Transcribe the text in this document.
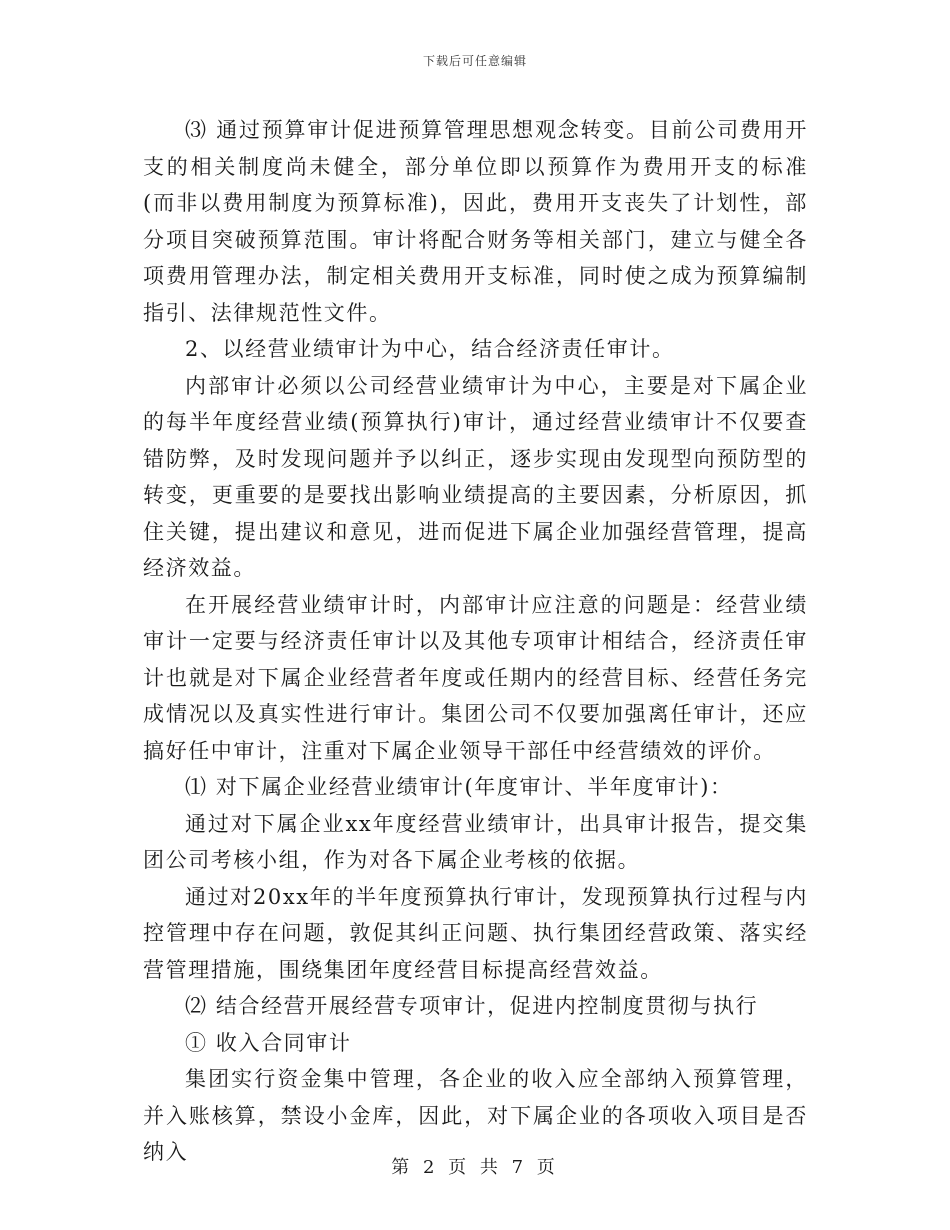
下载后可任意编辑

⑶ 通过预算审计促进预算管理思想观念转变。目前公司费用开支的相关制度尚未健全，部分单位即以预算作为费用开支的标准(而非以费用制度为预算标准)，因此，费用开支丧失了计划性，部分项目突破预算范围。审计将配合财务等相关部门，建立与健全各项费用管理办法，制定相关费用开支标准，同时使之成为预算编制指引、法律规范性文件。

2、以经营业绩审计为中心，结合经济责任审计。

内部审计必须以公司经营业绩审计为中心，主要是对下属企业的每半年度经营业绩(预算执行)审计，通过经营业绩审计不仅要查错防弊，及时发现问题并予以纠正，逐步实现由发现型向预防型的转变，更重要的是要找出影响业绩提高的主要因素，分析原因，抓住关键，提出建议和意见，进而促进下属企业加强经营管理，提高经济效益。

在开展经营业绩审计时，内部审计应注意的问题是：经营业绩审计一定要与经济责任审计以及其他专项审计相结合，经济责任审计也就是对下属企业经营者年度或任期内的经营目标、经营任务完成情况以及真实性进行审计。集团公司不仅要加强离任审计，还应搞好任中审计，注重对下属企业领导干部任中经营绩效的评价。

⑴ 对下属企业经营业绩审计(年度审计、半年度审计)：

通过对下属企业xx年度经营业绩审计，出具审计报告，提交集团公司考核小组，作为对各下属企业考核的依据。

通过对20xx年的半年度预算执行审计，发现预算执行过程与内控管理中存在问题，敦促其纠正问题、执行集团经营政策、落实经营管理措施，围绕集团年度经营目标提高经营效益。

⑵ 结合经营开展经营专项审计，促进内控制度贯彻与执行

① 收入合同审计

集团实行资金集中管理，各企业的收入应全部纳入预算管理，并入账核算，禁设小金库，因此，对下属企业的各项收入项目是否纳入

第 2 页 共 7 页
